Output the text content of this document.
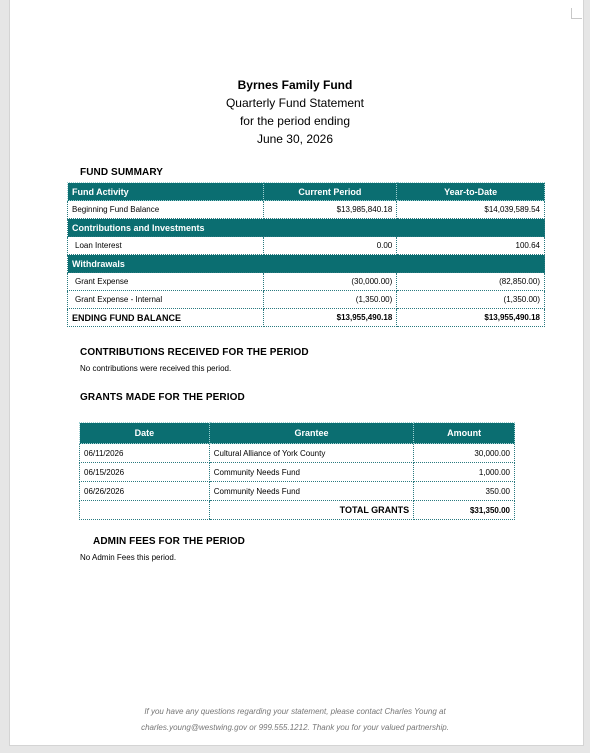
Byrnes Family Fund
Quarterly Fund Statement
for the period ending
June 30, 2026
FUND SUMMARY
Fund Activity	Current Period	Year-to-Date
Beginning Fund Balance	$13,985,840.18	$14,039,589.54
Contributions and Investments		
Loan Interest	0.00	100.64
Withdrawals		
Grant Expense	(30,000.00)	(82,850.00)
Grant Expense - Internal	(1,350.00)	(1,350.00)
ENDING FUND BALANCE	$13,955,490.18	$13,955,490.18
CONTRIBUTIONS RECEIVED FOR THE PERIOD
No contributions were received this period.
GRANTS MADE FOR THE PERIOD
Date	Grantee	Amount
06/11/2026	Cultural Alliance of York County	30,000.00
06/15/2026	Community Needs Fund	1,000.00
06/26/2026	Community Needs Fund	350.00
	TOTAL GRANTS	$31,350.00
ADMIN FEES FOR THE PERIOD
No Admin Fees this period.
If you have any questions regarding your statement, please contact Charles Young at
charles.young@westwing.gov or 999.555.1212. Thank you for your valued partnership.
